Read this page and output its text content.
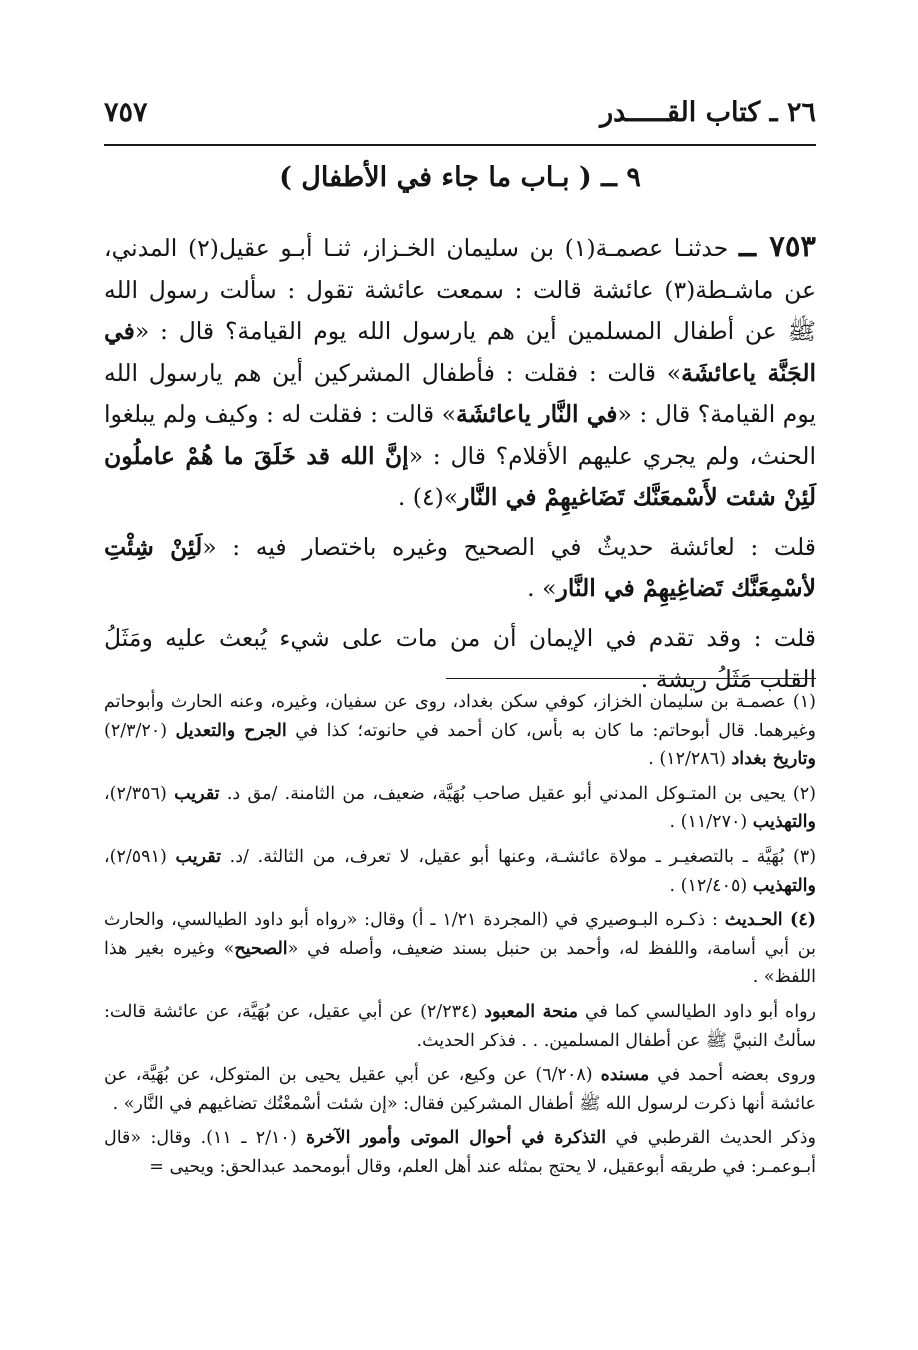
٢٦ ـ كتاب القـــــدر
٧٥٧
٩ ــ ( بـاب ما جاء في الأطفال )

٧٥٣ ــ حدثنـا عصمـة(١) بن سليمان الخـزاز، ثنـا أبـو عقيل(٢) المدني، عن ماشـطة(٣) عائشة قالت : سمعت عائشة تقول : سألت رسول الله ﷺ عن أطفال المسلمين أين هم يارسول الله يوم القيامة؟ قال : «في الجَنَّة ياعائشَة» قالت : فقلت : فأطفال المشركين أين هم يارسول الله يوم القيامة؟ قال : «في النَّار ياعائشَة» قالت : فقلت له : وكيف ولم يبلغوا الحنث، ولم يجري عليهم الأقلام؟ قال : «إنَّ الله قد خَلَقَ ما هُمْ عاملُون لَئِنْ شئت لأَسْمعَنَّك تَضَاغيهِمْ في النَّار»(٤) .

قلت : لعائشة حديثٌ في الصحيح وغيره باختصار فيه : «لَئِنْ شِئْتِ لأسْمِعَنَّك تَضاغِيهِمْ في النَّار» .

قلت : وقد تقدم في الإيمان أن من مات على شيء يُبعث عليه ومَثَلُ القلب مَثَلُ ريشة .

(١) عصمـة بن سليمان الخزاز، كوفي سكن بغداد، روى عن سفيان، وغيره، وعنه الحارث وأبوحاتم وغيرهما. قال أبوحاتم: ما كان به بأس، كان أحمد في حانوته؛ كذا في الجرح والتعديل (٢/٣/٢٠) وتاريخ بغداد (١٢/٢٨٦) .

(٢) يحيى بن المتـوكل المدني أبو عقيل صاحب بُهَيَّة، ضعيف، من الثامنة. /مق د. تقريب (٢/٣٥٦)، والتهذيب (١١/٢٧٠) .

(٣) بُهَيَّة ـ بالتصغيـر ـ مولاة عائشـة، وعنها أبو عقيل، لا تعرف، من الثالثة. /د. تقريب (٢/٥٩١)، والتهذيب (١٢/٤٠٥) .

(٤) الحـديث : ذكـره البـوصيري في (المجردة ١/٢١ ـ أ) وقال: «رواه أبو داود الطيالسي، والحارث بن أبي أسامة، واللفظ له، وأحمد بن حنبل بسند ضعيف، وأصله في «الصحيح» وغيره بغير هذا اللفظ» .

رواه أبو داود الطيالسي كما في منحة المعبود (٢/٢٣٤) عن أبي عقيل، عن بُهَيَّة، عن عائشة قالت: سألتُ النبيَّ ﷺ عن أطفال المسلمين. . . فذكر الحديث.

وروى بعضه أحمد في مسنده (٦/٢٠٨) عن وكيع، عن أبي عقيل يحيى بن المتوكل، عن بُهَيَّة، عن عائشة أنها ذكرت لرسول الله ﷺ أطفال المشركين فقال: «إن شئت أسْمعْتُك تضاغيهم في النَّار» .

وذكر الحديث القرطبي في التذكرة في أحوال الموتى وأمور الآخرة (٢/١٠ ـ ١١). وقال: «قال أبـوعمـر: في طريقه أبوعقيل، لا يحتج بمثله عند أهل العلم، وقال أبومحمد عبدالحق: ويحيى =
